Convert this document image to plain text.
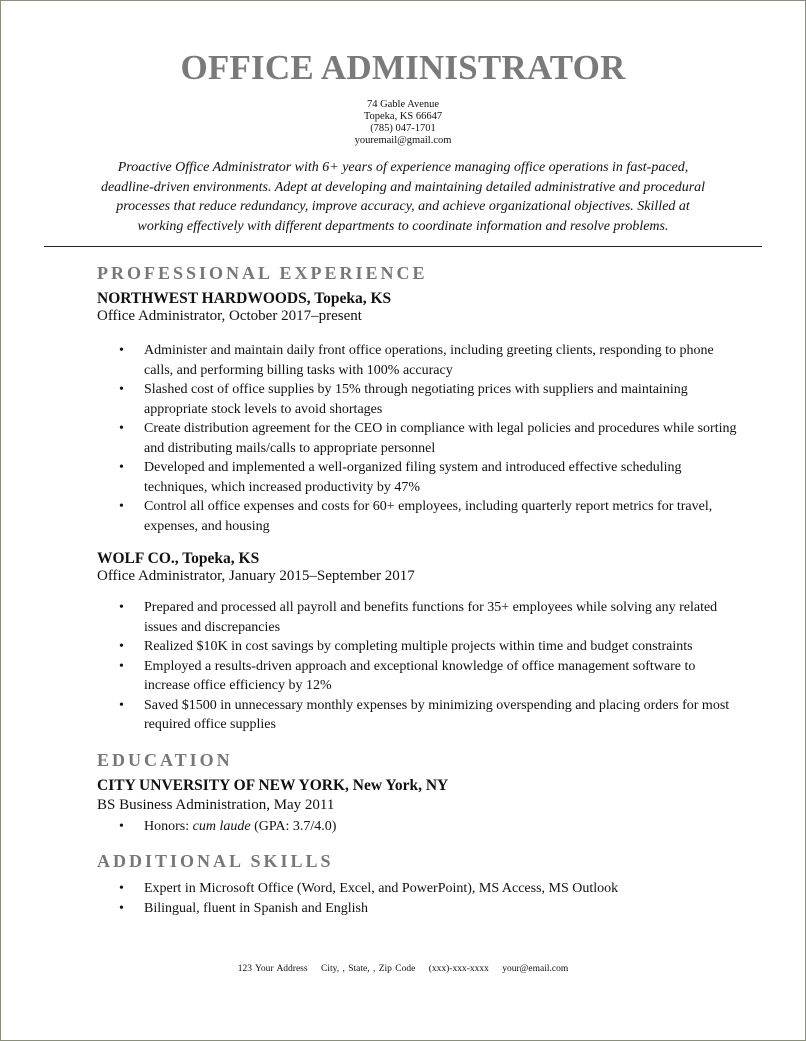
OFFICE ADMINISTRATOR
74 Gable Avenue
Topeka, KS 66647
(785) 047-1701
youremail@gmail.com
Proactive Office Administrator with 6+ years of experience managing office operations in fast-paced, deadline-driven environments. Adept at developing and maintaining detailed administrative and procedural processes that reduce redundancy, improve accuracy, and achieve organizational objectives. Skilled at working effectively with different departments to coordinate information and resolve problems.
PROFESSIONAL EXPERIENCE
NORTHWEST HARDWOODS, Topeka, KS
Office Administrator, October 2017–present
• Administer and maintain daily front office operations, including greeting clients, responding to phone calls, and performing billing tasks with 100% accuracy
• Slashed cost of office supplies by 15% through negotiating prices with suppliers and maintaining appropriate stock levels to avoid shortages
• Create distribution agreement for the CEO in compliance with legal policies and procedures while sorting and distributing mails/calls to appropriate personnel
• Developed and implemented a well-organized filing system and introduced effective scheduling techniques, which increased productivity by 47%
• Control all office expenses and costs for 60+ employees, including quarterly report metrics for travel, expenses, and housing
WOLF CO., Topeka, KS
Office Administrator, January 2015–September 2017
• Prepared and processed all payroll and benefits functions for 35+ employees while solving any related issues and discrepancies
• Realized $10K in cost savings by completing multiple projects within time and budget constraints
• Employed a results-driven approach and exceptional knowledge of office management software to increase office efficiency by 12%
• Saved $1500 in unnecessary monthly expenses by minimizing overspending and placing orders for most required office supplies
EDUCATION
CITY UNVERSITY OF NEW YORK, New York, NY
BS Business Administration, May 2011
• Honors: cum laude (GPA: 3.7/4.0)
ADDITIONAL SKILLS
• Expert in Microsoft Office (Word, Excel, and PowerPoint), MS Access, MS Outlook
• Bilingual, fluent in Spanish and English
123 Your Address City, , State, , Zip Code (xxx)-xxx-xxxx your@email.com
